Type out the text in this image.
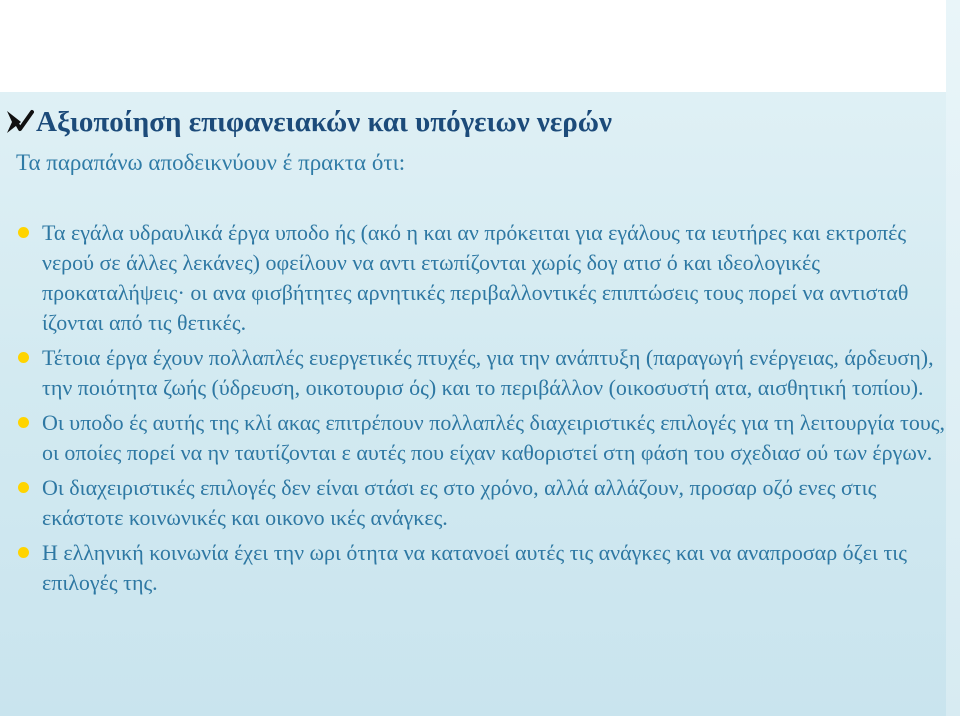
Αξιοποίηση επιφανειακών και υπόγειων νερών
Τα παραπάνω αποδεικνύουν έ πρακτα ότι:
Τα εγάλα υδραυλικά έργα υποδο ής (ακό η και αν πρόκειται για εγάλους τα ιευτήρες και εκτροπές νερού σε άλλες λεκάνες) οφείλουν να αντι ετωπίζονται χωρίς δογ ατισ ό και ιδεολογικές προκαταλήψεις· οι ανα φισβήτητες αρνητικές περιβαλλοντικές επιπτώσεις τους πορεί να αντισταθ ίζονται από τις θετικές.
Τέτοια έργα έχουν πολλαπλές ευεργετικές πτυχές, για την ανάπτυξη (παραγωγή ενέργειας, άρδευση), την ποιότητα ζωής (ύδρευση, οικοτουρισ ός) και το περιβάλλον (οικοσυστή ατα, αισθητική τοπίου).
Οι υποδο ές αυτής της κλί ακας επιτρέπουν πολλαπλές διαχειριστικές επιλογές για τη λειτουργία τους, οι οποίες πορεί να ην ταυτίζονται ε αυτές που είχαν καθοριστεί στη φάση του σχεδιασ ού των έργων.
Οι διαχειριστικές επιλογές δεν είναι στάσι ες στο χρόνο, αλλά αλλάζουν, προσαρ οζό ενες στις εκάστοτε κοινωνικές και οικονο ικές ανάγκες.
Η ελληνική κοινωνία έχει την ωρι ότητα να κατανοεί αυτές τις ανάγκες και να αναπροσαρ όζει τις επιλογές της.
